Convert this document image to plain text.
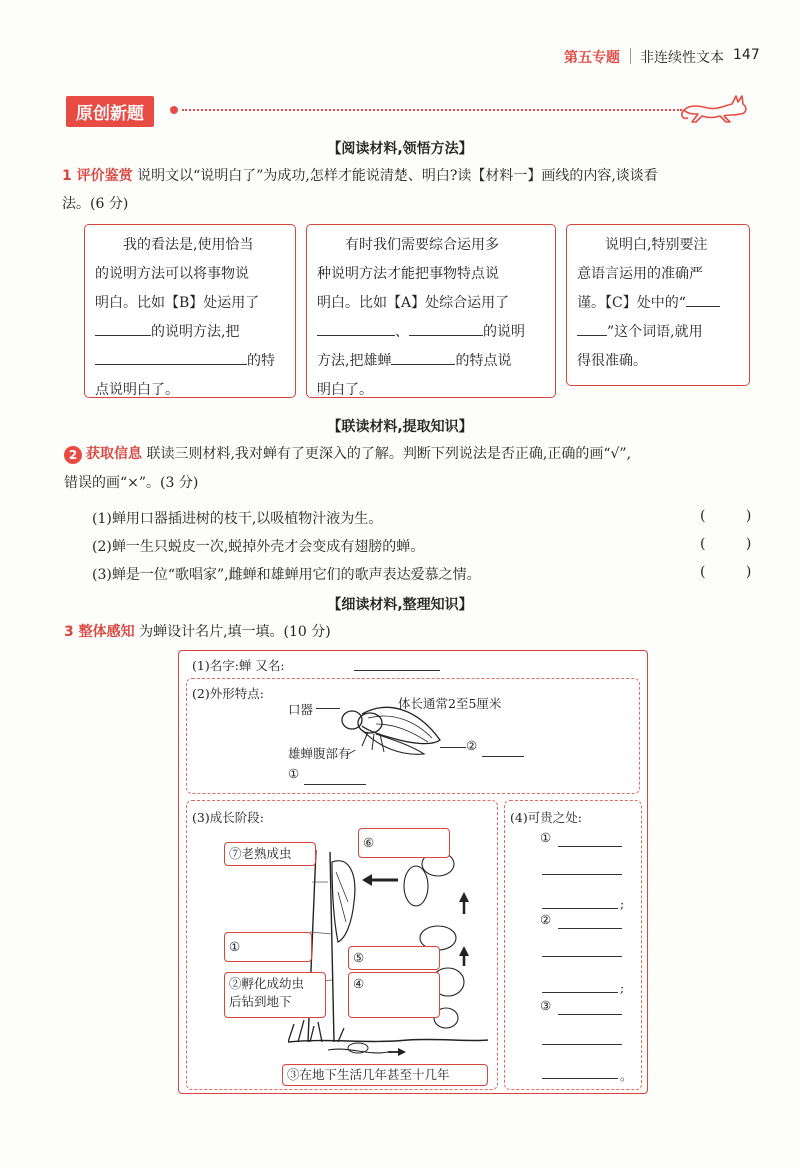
第五专题 非连续性文本 147
原创新题
【阅读材料,领悟方法】
1 评价鉴赏 说明文以“说明白了”为成功,怎样才能说清楚、明白?读【材料一】画线的内容,谈谈看
法。(6 分)
我的看法是,使用恰当
的说明方法可以将事物说
明白。比如【B】处运用了
的说明方法,把
的特
点说明白了。
有时我们需要综合运用多
种说明方法才能把事物特点说
明白。比如【A】处综合运用了
、	的说明
方法,把雄蝉	的特点说
明白了。
说明白,特别要注
意语言运用的准确严
谨。【C】处中的“
”这个词语,就用
得很准确。
【联读材料,提取知识】
2 获取信息 联读三则材料,我对蝉有了更深入的了解。判断下列说法是否正确,正确的画“√”,
错误的画“×”。(3 分)
(1)蝉用口器插进树的枝干,以吸植物汁液为生。
(2)蝉一生只蜕皮一次,蜕掉外壳才会变成有翅膀的蝉。
(3)蝉是一位“歌唱家”,雌蝉和雄蝉用它们的歌声表达爱慕之情。
( )
( )
( )
【细读材料,整理知识】
3 整体感知 为蝉设计名片,填一填。(10 分)
(1)名字:蝉 又名:
(2)外形特点:
口器	体长通常2至5厘米
②
雄蝉腹部有
①
(3)成长阶段:
⑦老熟成虫
⑥
①
⑤
②孵化成幼虫
后钻到地下
④
③在地下生活几年甚至十几年
(4)可贵之处:
①
;
②
;
③
。
